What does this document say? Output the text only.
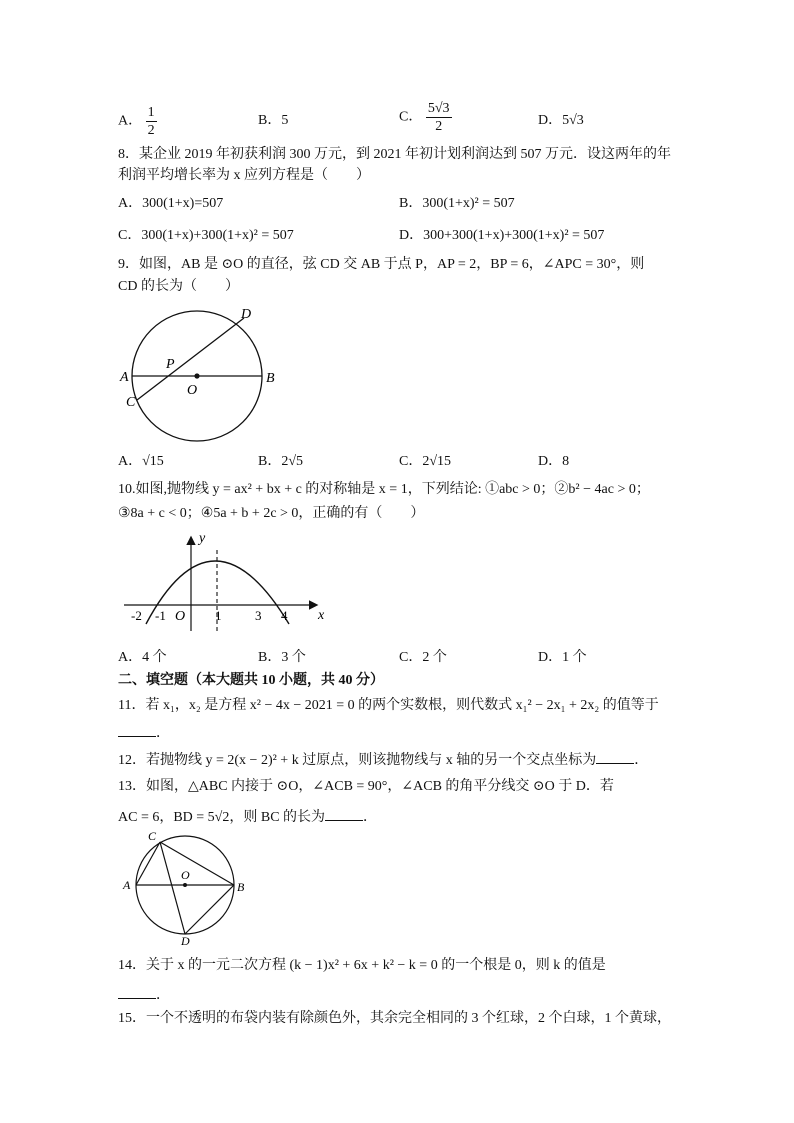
A． $\frac{1}{2}$	B．5	C． $\frac{5√3}{2}$	D．5√3
8．某企业 2019 年初获利润 300 万元，到 2021 年初计划利润达到 507 万元．设这两年的年
利润平均增长率为 x 应列方程是（　　）
A．300(1+x)=507	B．300(1+x)² = 507
C．300(1+x)+300(1+x)² = 507	D．300+300(1+x)+300(1+x)² = 507
9．如图，AB 是 ⊙O 的直径，弦 CD 交 AB 于点 P，AP = 2，BP = 6，∠APC = 30°，则
CD 的长为（　　）
A	B
C
D
P
O
A．√15	B．2√5	C．2√15	D．8
10.如图,抛物线 y = ax² + bx + c 的对称轴是 x = 1，下列结论: ①abc > 0；②b² − 4ac > 0；
③8a + c < 0；④5a + b + 2c > 0，正确的有（　　）
y
x
-2 -1 O 1	3 4
A．4 个	B．3 个	C．2 个	D．1 个
二、填空题（本大题共 10 小题，共 40 分）
11．若 x₁，x₂ 是方程 x² − 4x − 2021 = 0 的两个实数根，则代数式 x₁² − 2x₁ + 2x₂ 的值等于
．
12．若抛物线 y = 2(x − 2)² + k 过原点，则该抛物线与 x 轴的另一个交点坐标为	．
13．如图，△ABC 内接于 ⊙O，∠ACB = 90°，∠ACB 的角平分线交 ⊙O 于 D．若
AC = 6，BD = 5√2，则 BC 的长为	．
A	B
C
D
O
14．关于 x 的一元二次方程 (k − 1)x² + 6x + k² − k = 0 的一个根是 0，则 k 的值是
．
15．一个不透明的布袋内装有除颜色外，其余完全相同的 3 个红球，2 个白球，1 个黄球，
